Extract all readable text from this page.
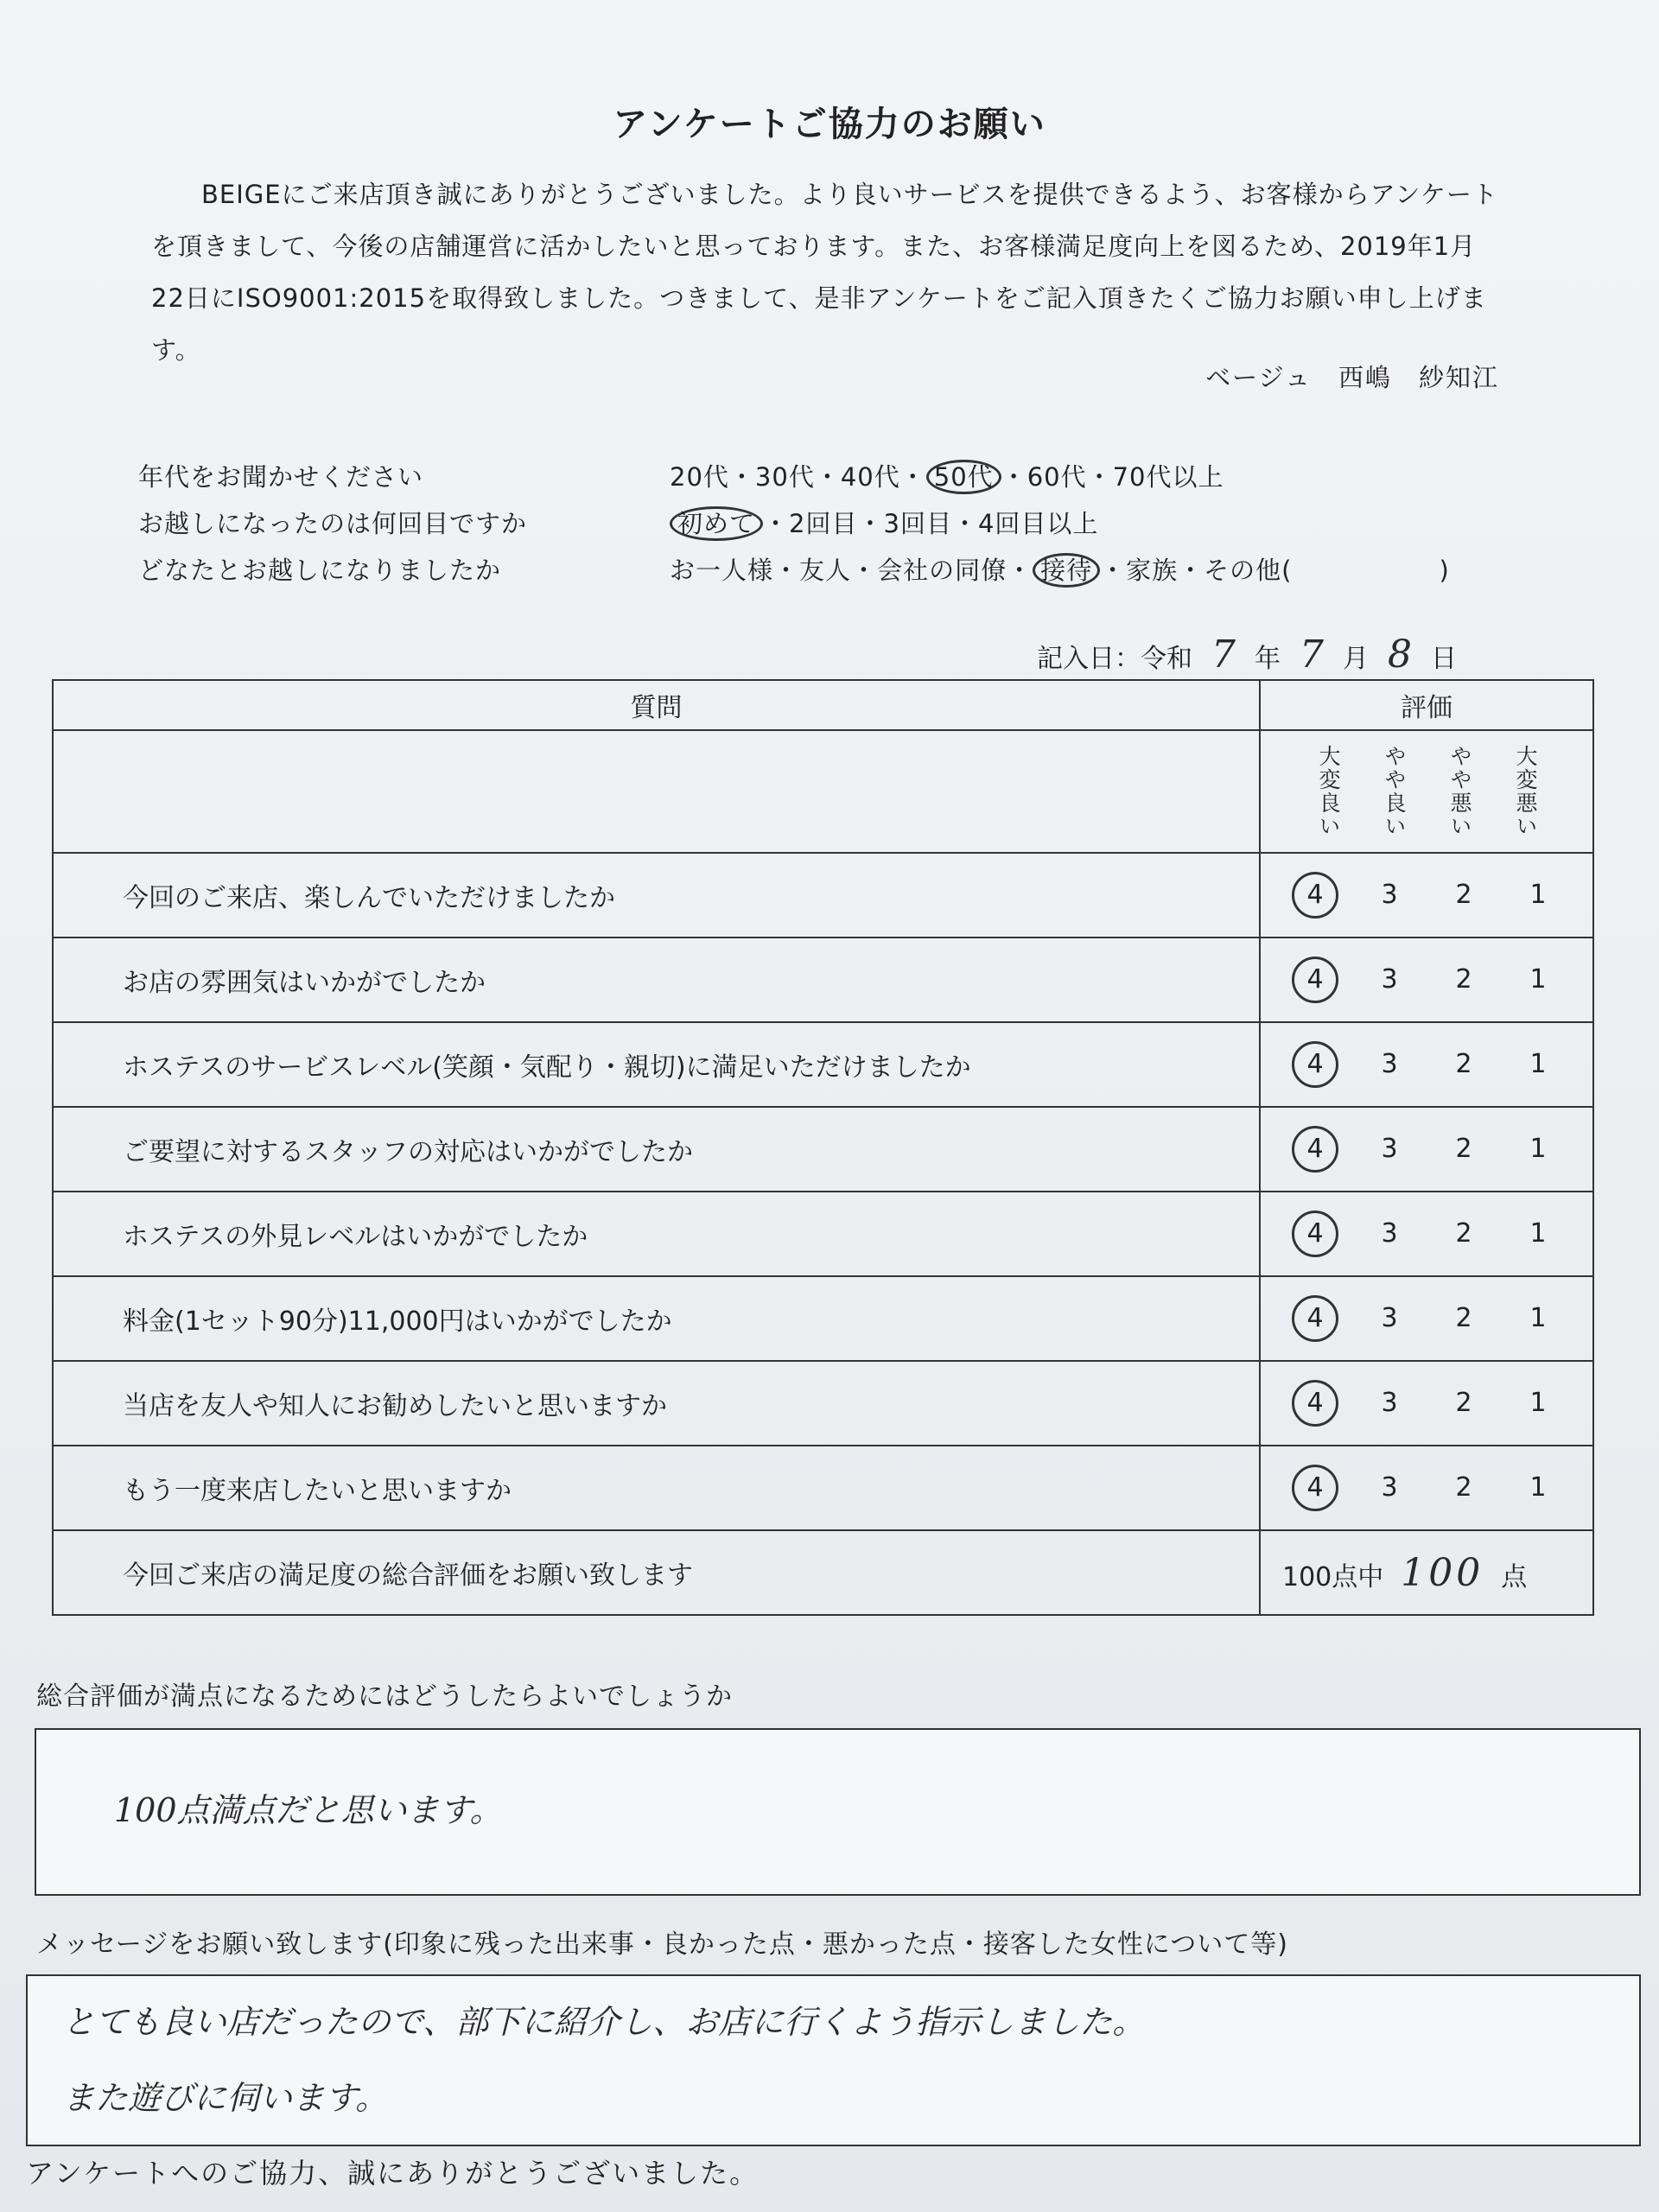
アンケートご協力のお願い

BEIGEにご来店頂き誠にありがとうございました。より良いサービスを提供できるよう、お客様からアンケートを頂きまして、今後の店舗運営に活かしたいと思っております。また、お客様満足度向上を図るため、2019年1月22日にISO9001:2015を取得致しました。つきまして、是非アンケートをご記入頂きたくご協力お願い申し上げます。

ベージュ　西嶋　紗知江
年代をお聞かせください	20代・30代・40代・ 50代 ・60代・70代以上
お越しになったのは何回目ですか	初めて ・2回目・3回目・4回目以上
どなたとお越しになりましたか	お一人様・友人・会社の同僚・ 接待 ・家族・その他(	)
記入日：令和 7 年 7 月 8 日
質問	評価
	大変良い やや良い やや悪い 大変悪い
今回のご来店、楽しんでいただけましたか	4 3 2 1

お店の雰囲気はいかがでしたか	4 3 2 1

ホステスのサービスレベル(笑顔・気配り・親切)に満足いただけましたか	4 3 2 1

ご要望に対するスタッフの対応はいかがでしたか	4 3 2 1

ホステスの外見レベルはいかがでしたか	4 3 2 1

料金(1セット90分)11,000円はいかがでしたか	4 3 2 1

当店を友人や知人にお勧めしたいと思いますか	4 3 2 1

もう一度来店したいと思いますか	4 3 2 1

今回ご来店の満足度の総合評価をお願い致します	100点中 100 点
総合評価が満点になるためにはどうしたらよいでしょうか
100点満点だと思います。
メッセージをお願い致します(印象に残った出来事・良かった点・悪かった点・接客した女性について等)
とても良い店だったので、部下に紹介し、お店に行くよう指示しました。
また遊びに伺います。
アンケートへのご協力、誠にありがとうございました。
